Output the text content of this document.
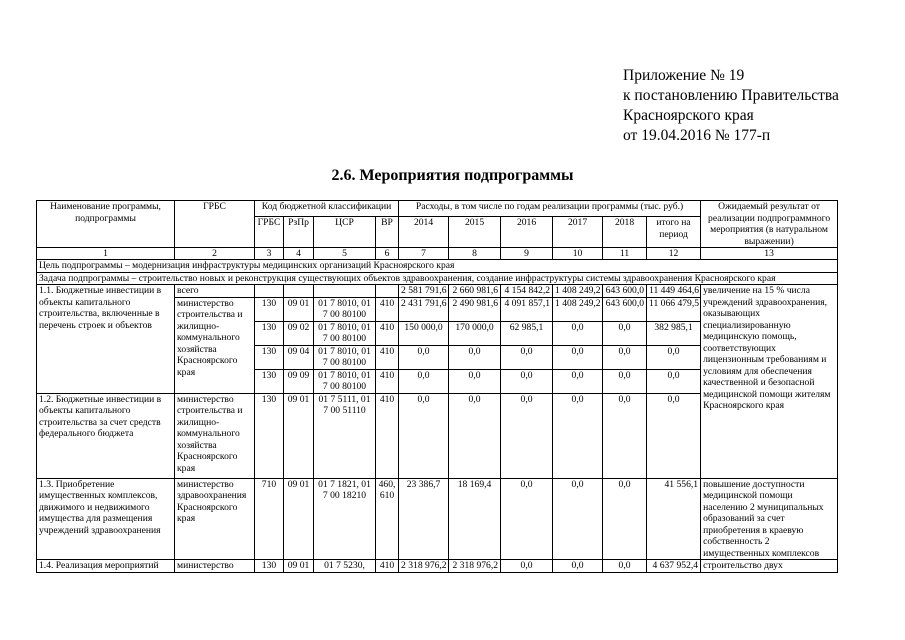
Приложение № 19
к постановлению Правительства
Красноярского края
от 19.04.2016 № 177-п
2.6. Мероприятия подпрограммы
Наименование программы, подпрограммы	ГРБС	Код бюджетной классификации				Расходы, в том числе по годам реализации программы (тыс. руб.)						Ожидаемый результат от реализации подпрограммного мероприятия (в натуральном выражении)
		ГРБС	РзПр	ЦСР	ВР	2014	2015	2016	2017	2018	итого на период	
1	2	3	4	5	6	7	8	9	10	11	12	13
Цель подпрограммы – модернизация инфраструктуры медицинских организаций Красноярского края												
Задача подпрограммы – строительство новых и реконструкция существующих объектов здравоохранения, создание инфраструктуры системы здравоохранения Красноярского края												
1.1. Бюджетные инвестиции в объекты капитального строительства, включенные в перечень строек и объектов	всего					2 581 791,6	2 660 981,6	4 154 842,2	1 408 249,2	643 600,0	11 449 464,6	увеличение на 15 % числа учреждений здравоохранения, оказывающих специализированную медицинскую помощь, соответствующих лицензионным требованиям и условиям для обеспечения качественной и безопасной медицинской помощи жителям Красноярского края
	министерство строительства и жилищно-коммунального хозяйства Красноярского края	130	09 01	01 7 8010, 01 7 00 80100	410	2 431 791,6	2 490 981,6	4 091 857,1	1 408 249,2	643 600,0	11 066 479,5	
		130	09 02	01 7 8010, 01 7 00 80100	410	150 000,0	170 000,0	62 985,1	0,0	0,0	382 985,1	
		130	09 04	01 7 8010, 01 7 00 80100	410	0,0	0,0	0,0	0,0	0,0	0,0	
		130	09 09	01 7 8010, 01 7 00 80100	410	0,0	0,0	0,0	0,0	0,0	0,0	
1.2. Бюджетные инвестиции в объекты капитального строительства за счет средств федерального бюджета	министерство строительства и жилищно-коммунального хозяйства Красноярского края	130	09 01	01 7 5111, 01 7 00 51110	410	0,0	0,0	0,0	0,0	0,0	0,0	
1.3. Приобретение имущественных комплексов, движимого и недвижимого имущества для размещения учреждений здравоохранения	министерство здравоохранения Красноярского края	710	09 01	01 7 1821, 01 7 00 18210	460, 610	23 386,7	18 169,4	0,0	0,0	0,0	41 556,1	повышение доступности медицинской помощи населению 2 муниципальных образований за счет приобретения в краевую собственность 2 имущественных комплексов
1.4. Реализация мероприятий	министерство	130	09 01	01 7 5230,	410	2 318 976,2	2 318 976,2	0,0	0,0	0,0	4 637 952,4	строительство двух
